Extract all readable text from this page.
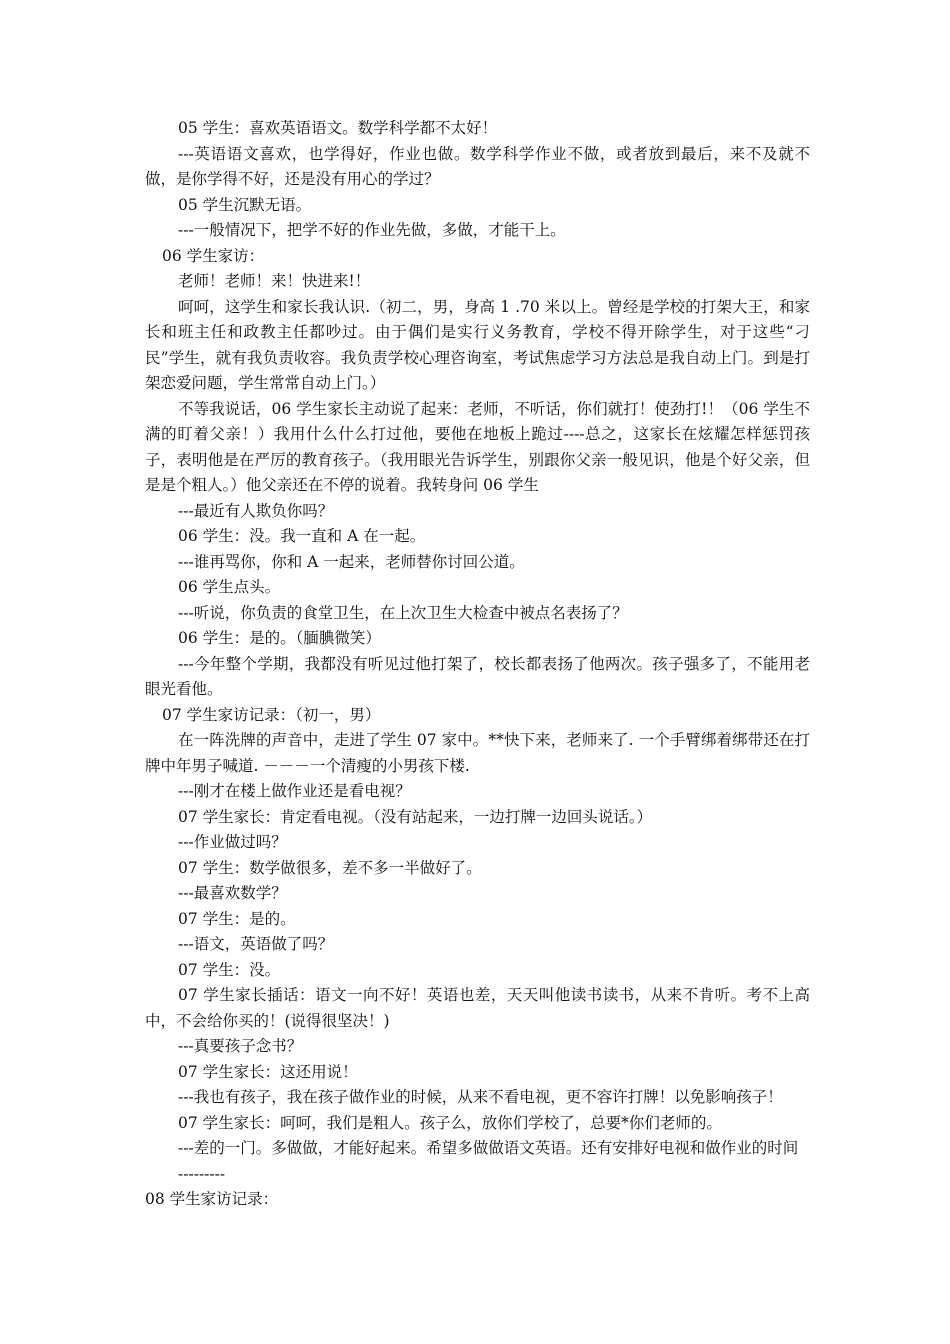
05 学生：喜欢英语语文。数学科学都不太好！

---英语语文喜欢，也学得好，作业也做。数学科学作业不做，或者放到最后，来不及就不做，是你学得不好，还是没有用心的学过？

05 学生沉默无语。

---一般情况下，把学不好的作业先做，多做，才能干上。

06 学生家访：

老师！老师！来！快进来!！

呵呵，这学生和家长我认识.（初二，男，身高 1 .70 米以上。曾经是学校的打架大王，和家长和班主任和政教主任都吵过。由于偶们是实行义务教育，学校不得开除学生，对于这些“刁民”学生，就有我负责收容。我负责学校心理咨询室，考试焦虑学习方法总是我自动上门。到是打架恋爱问题，学生常常自动上门。）

不等我说话，06 学生家长主动说了起来：老师，不听话，你们就打！使劲打!！（06 学生不满的盯着父亲！）我用什么什么打过他，要他在地板上跪过----总之，这家长在炫耀怎样惩罚孩子，表明他是在严厉的教育孩子。（我用眼光告诉学生，别跟你父亲一般见识，他是个好父亲，但是是个粗人。）他父亲还在不停的说着。我转身问 06 学生

---最近有人欺负你吗？

06 学生：没。我一直和 A 在一起。

---谁再骂你，你和 A 一起来，老师替你讨回公道。

06 学生点头。

---听说，你负责的食堂卫生，在上次卫生大检查中被点名表扬了？

06 学生：是的。（腼腆微笑）

---今年整个学期，我都没有听见过他打架了，校长都表扬了他两次。孩子强多了，不能用老眼光看他。

07 学生家访记录：（初一，男）

在一阵洗牌的声音中，走进了学生 07 家中。**快下来，老师来了. 一个手臂绑着绑带还在打牌中年男子喊道. －－－一个清瘦的小男孩下楼.

---刚才在楼上做作业还是看电视？

07 学生家长：肯定看电视。（没有站起来，一边打牌一边回头说话。）

---作业做过吗？

07 学生：数学做很多，差不多一半做好了。

---最喜欢数学？

07 学生：是的。

---语文，英语做了吗？

07 学生：没。

07 学生家长插话：语文一向不好！英语也差，天天叫他读书读书，从来不肯听。考不上高中，不会给你买的！(说得很坚决！)

---真要孩子念书？

07 学生家长：这还用说！

---我也有孩子，我在孩子做作业的时候，从来不看电视，更不容许打牌！以免影响孩子！

07 学生家长：呵呵，我们是粗人。孩子么，放你们学校了，总要*你们老师的。

---差的一门。多做做，才能好起来。希望多做做语文英语。还有安排好电视和做作业的时间

---------

08 学生家访记录：
